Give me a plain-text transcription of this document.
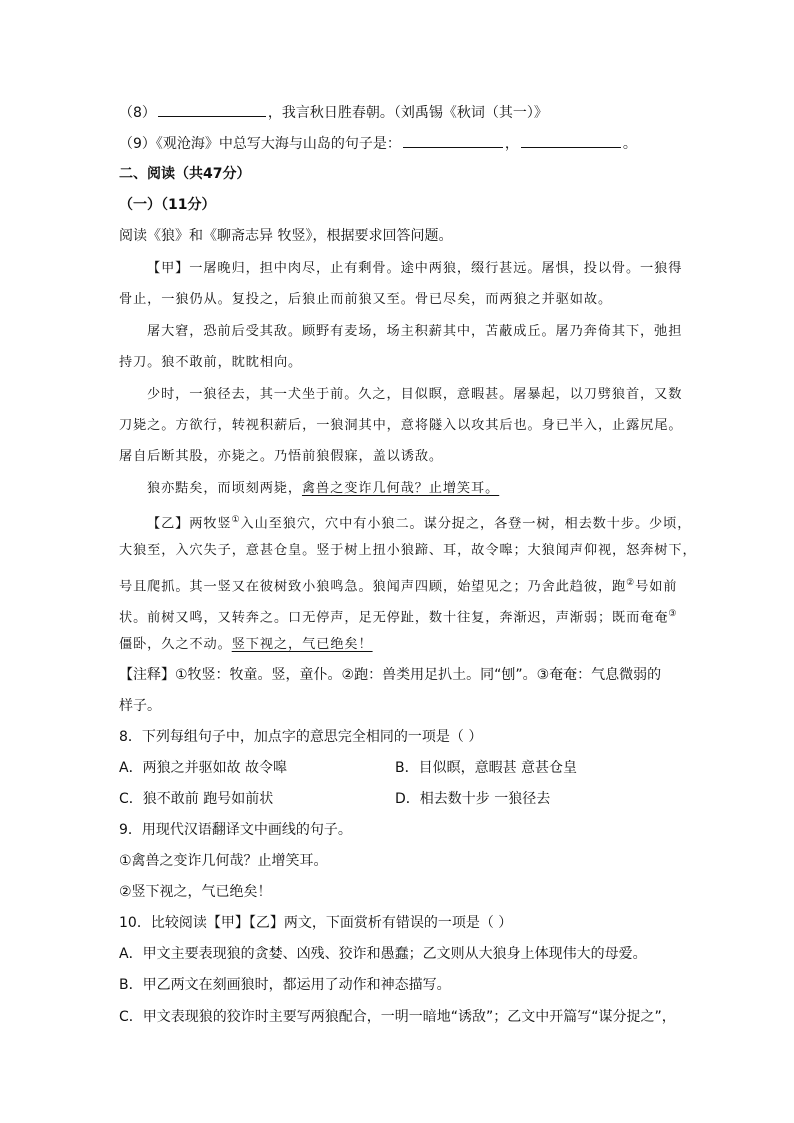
（8）	，我言秋日胜春朝。（刘禹锡《秋词（其一）》
（9）《观沧海》中总写大海与山岛的句子是：	，	。
二、阅读（共47分）
（一）（11分）
阅读《狼》和《聊斋志异 牧竖》，根据要求回答问题。
【甲】一屠晚归，担中肉尽，止有剩骨。途中两狼，缀行甚远。屠惧，投以骨。一狼得
骨止，一狼仍从。复投之，后狼止而前狼又至。骨已尽矣，而两狼之并驱如故。
屠大窘，恐前后受其敌。顾野有麦场，场主积薪其中，苫蔽成丘。屠乃奔倚其下，弛担
持刀。狼不敢前，眈眈相向。
少时，一狼径去，其一犬坐于前。久之，目似瞑，意暇甚。屠暴起，以刀劈狼首，又数
刀毙之。方欲行，转视积薪后，一狼洞其中，意将隧入以攻其后也。身已半入，止露尻尾。
屠自后断其股，亦毙之。乃悟前狼假寐，盖以诱敌。
狼亦黠矣，而顷刻两毙，禽兽之变诈几何哉？止增笑耳。
【乙】两牧竖①入山至狼穴，穴中有小狼二。谋分捉之，各登一树，相去数十步。少顷，
大狼至，入穴失子，意甚仓皇。竖于树上扭小狼蹄、耳，故令嗥；大狼闻声仰视，怒奔树下，
号且爬抓。其一竖又在彼树致小狼鸣急。狼闻声四顾，始望见之；乃舍此趋彼，跑②号如前
状。前树又鸣，又转奔之。口无停声，足无停趾，数十往复，奔渐迟，声渐弱；既而奄奄③
僵卧，久之不动。竖下视之，气已绝矣！
【注释】①牧竖：牧童。竖，童仆。②跑：兽类用足扒土。同“刨”。③奄奄：气息微弱的
样子。
8．下列每组句子中，加点字的意思完全相同的一项是（ ）
A．两狼之并驱如故 故令嗥	B．目似瞑，意暇甚 意甚仓皇
C．狼不敢前 跑号如前状	D．相去数十步 一狼径去
9．用现代汉语翻译文中画线的句子。
①禽兽之变诈几何哉？止增笑耳。
②竖下视之，气已绝矣！
10．比较阅读【甲】【乙】两文，下面赏析有错误的一项是（ ）
A．甲文主要表现狼的贪婪、凶残、狡诈和愚蠢；乙文则从大狼身上体现伟大的母爱。
B．甲乙两文在刻画狼时，都运用了动作和神态描写。
C．甲文表现狼的狡诈时主要写两狼配合，一明一暗地“诱敌”；乙文中开篇写“谋分捉之”，
